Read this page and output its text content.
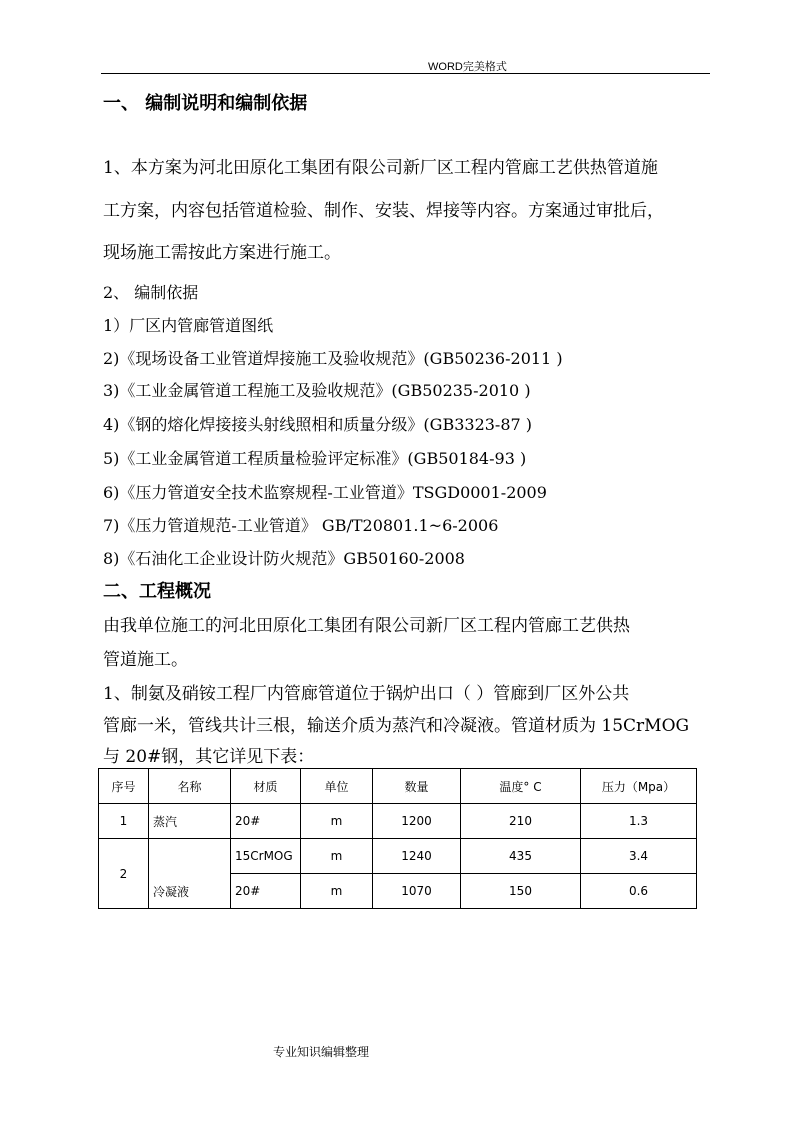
WORD完美格式
一、 编制说明和编制依据
1、本方案为河北田原化工集团有限公司新厂区工程内管廊工艺供热管道施
工方案，内容包括管道检验、制作、安装、焊接等内容。方案通过审批后，
现场施工需按此方案进行施工。
2、 编制依据
1）厂区内管廊管道图纸
2)《现场设备工业管道焊接施工及验收规范》(GB50236-2011 )
3)《工业金属管道工程施工及验收规范》(GB50235-2010 )
4)《钢的熔化焊接接头射线照相和质量分级》(GB3323-87 )
5)《工业金属管道工程质量检验评定标准》(GB50184-93 )
6)《压力管道安全技术监察规程-工业管道》TSGD0001-2009
7)《压力管道规范-工业管道》 GB/T20801.1~6-2006
8)《石油化工企业设计防火规范》GB50160-2008
二、工程概况
由我单位施工的河北田原化工集团有限公司新厂区工程内管廊工艺供热
管道施工。
1、制氨及硝铵工程厂内管廊管道位于锅炉出口（ ）管廊到厂区外公共
管廊一米，管线共计三根，输送介质为蒸汽和冷凝液。管道材质为 15CrMOG
与 20#钢，其它详见下表：
序号	名称	材质	单位	数量	温度° C	压力（Mpa）
1	蒸汽	20#	m	1200	210	1.3
2	冷凝液	15CrMOG	m	1240	435	3.4
		20#	m	1070	150	0.6
专业知识编辑整理
